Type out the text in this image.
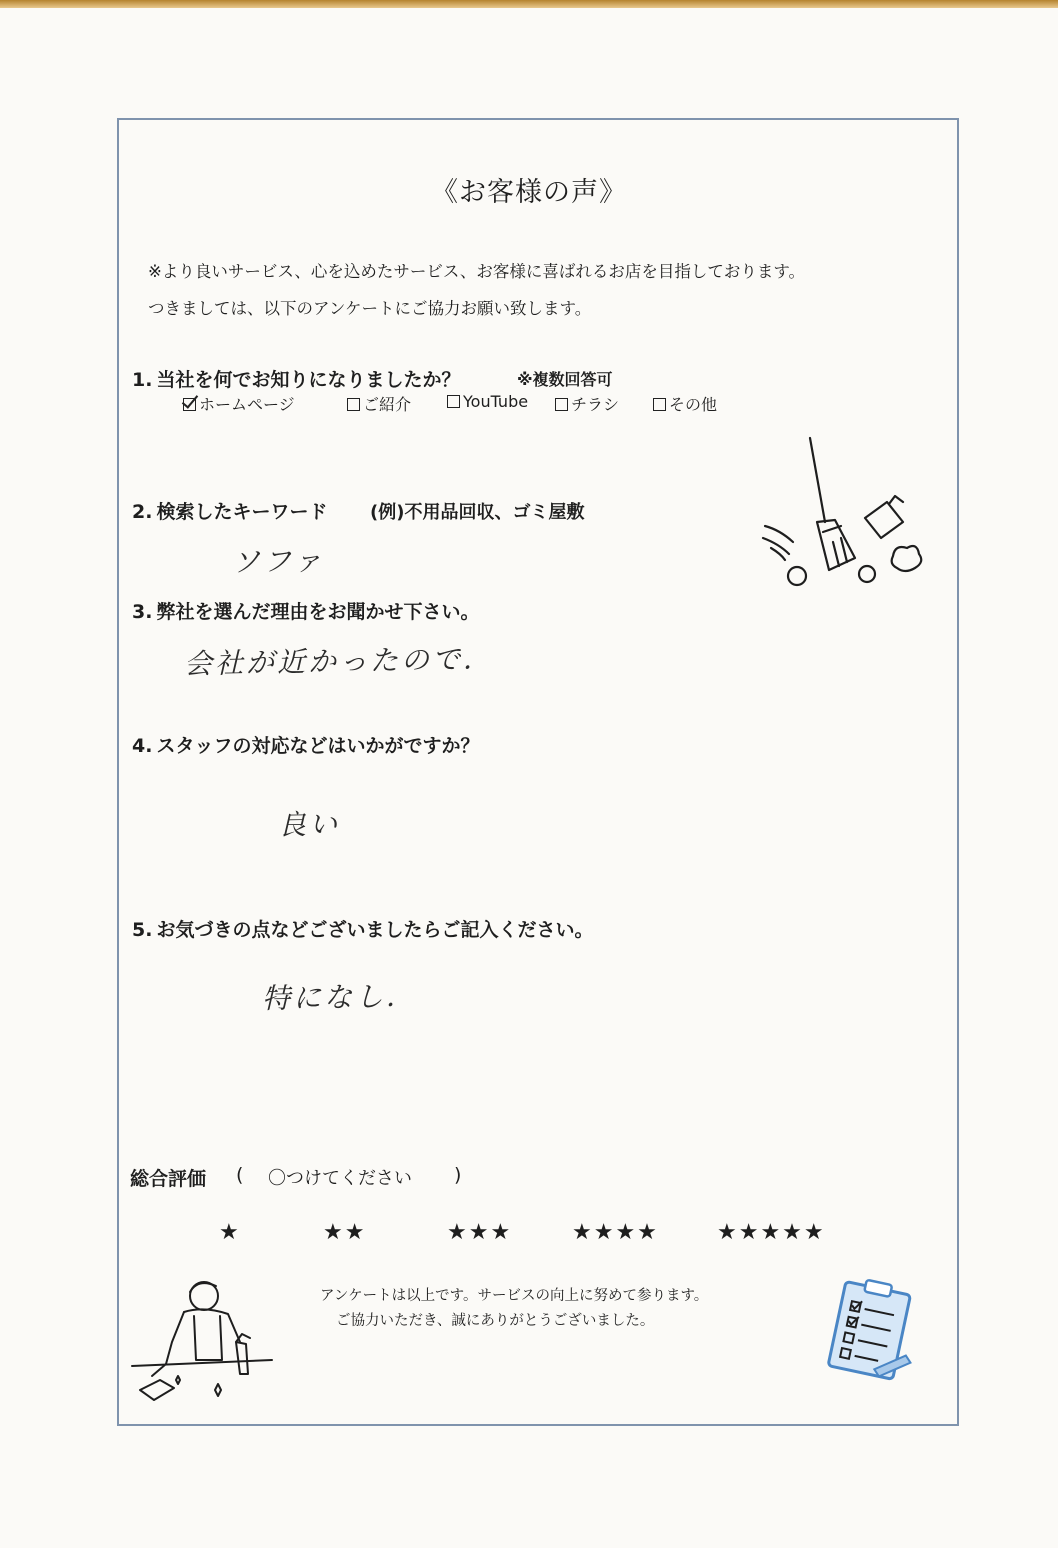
《お客様の声》
※より良いサービス、心を込めたサービス、お客様に喜ばれるお店を目指しております。
つきましては、以下のアンケートにご協力お願い致します。
1. 当社を何でお知りになりましたか？	※複数回答可
ホームページ	ご紹介	YouTube	チラシ	その他
2. 検索したキーワード (例)不用品回収、ゴミ屋敷
ソファ
3. 弊社を選んだ理由をお聞かせ下さい。
会社が近かったので.
4. スタッフの対応などはいかがですか？
良い
5. お気づきの点などございましたらご記入ください。
特になし.
総合評価 ( 〇つけてください )
★	★★	★★★	★★★★	★★★★★
アンケートは以上です。サービスの向上に努めて参ります。
ご協力いただき、誠にありがとうございました。
